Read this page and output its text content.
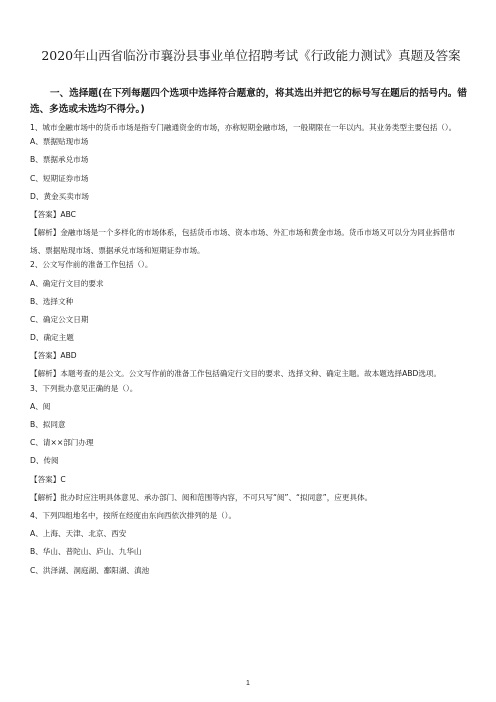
2020年山西省临汾市襄汾县事业单位招聘考试《行政能力测试》真题及答案
一、选择题(在下列每题四个选项中选择符合题意的，将其选出并把它的标号写在题后的括号内。错选、多选或未选均不得分。)
1、城市金融市场中的货币市场是指专门融通资金的市场，亦称短期金融市场，一般期限在一年以内。其业务类型主要包括（）。
A、票据贴现市场
B、票据承兑市场
C、短期证券市场
D、黄金买卖市场
【答案】ABC
【解析】金融市场是一个多样化的市场体系，包括货币市场、资本市场、外汇市场和黄金市场。货币市场又可以分为同业拆借市场、票据贴现市场、票据承兑市场和短期证券市场。
2、公文写作前的准备工作包括（）。
A、确定行文目的要求
B、选择文种
C、确定公文日期
D、确定主题
【答案】ABD
【解析】本题考查的是公文。公文写作前的准备工作包括确定行文目的要求、选择文种、确定主题。故本题选择ABD选项。
3、下列批办意见正确的是（）。
A、阅
B、拟同意
C、请××部门办理
D、传阅
【答案】C
【解析】批办时应注明具体意见、承办部门、阅和范围等内容，不可只写“阅”、“拟同意”，应更具体。
4、下列四组地名中，按所在经度由东向西依次排列的是（）。
A、上海、天津、北京、西安
B、华山、普陀山、庐山、九华山
C、洪泽湖、洞庭湖、鄱阳湖、滇池
1
